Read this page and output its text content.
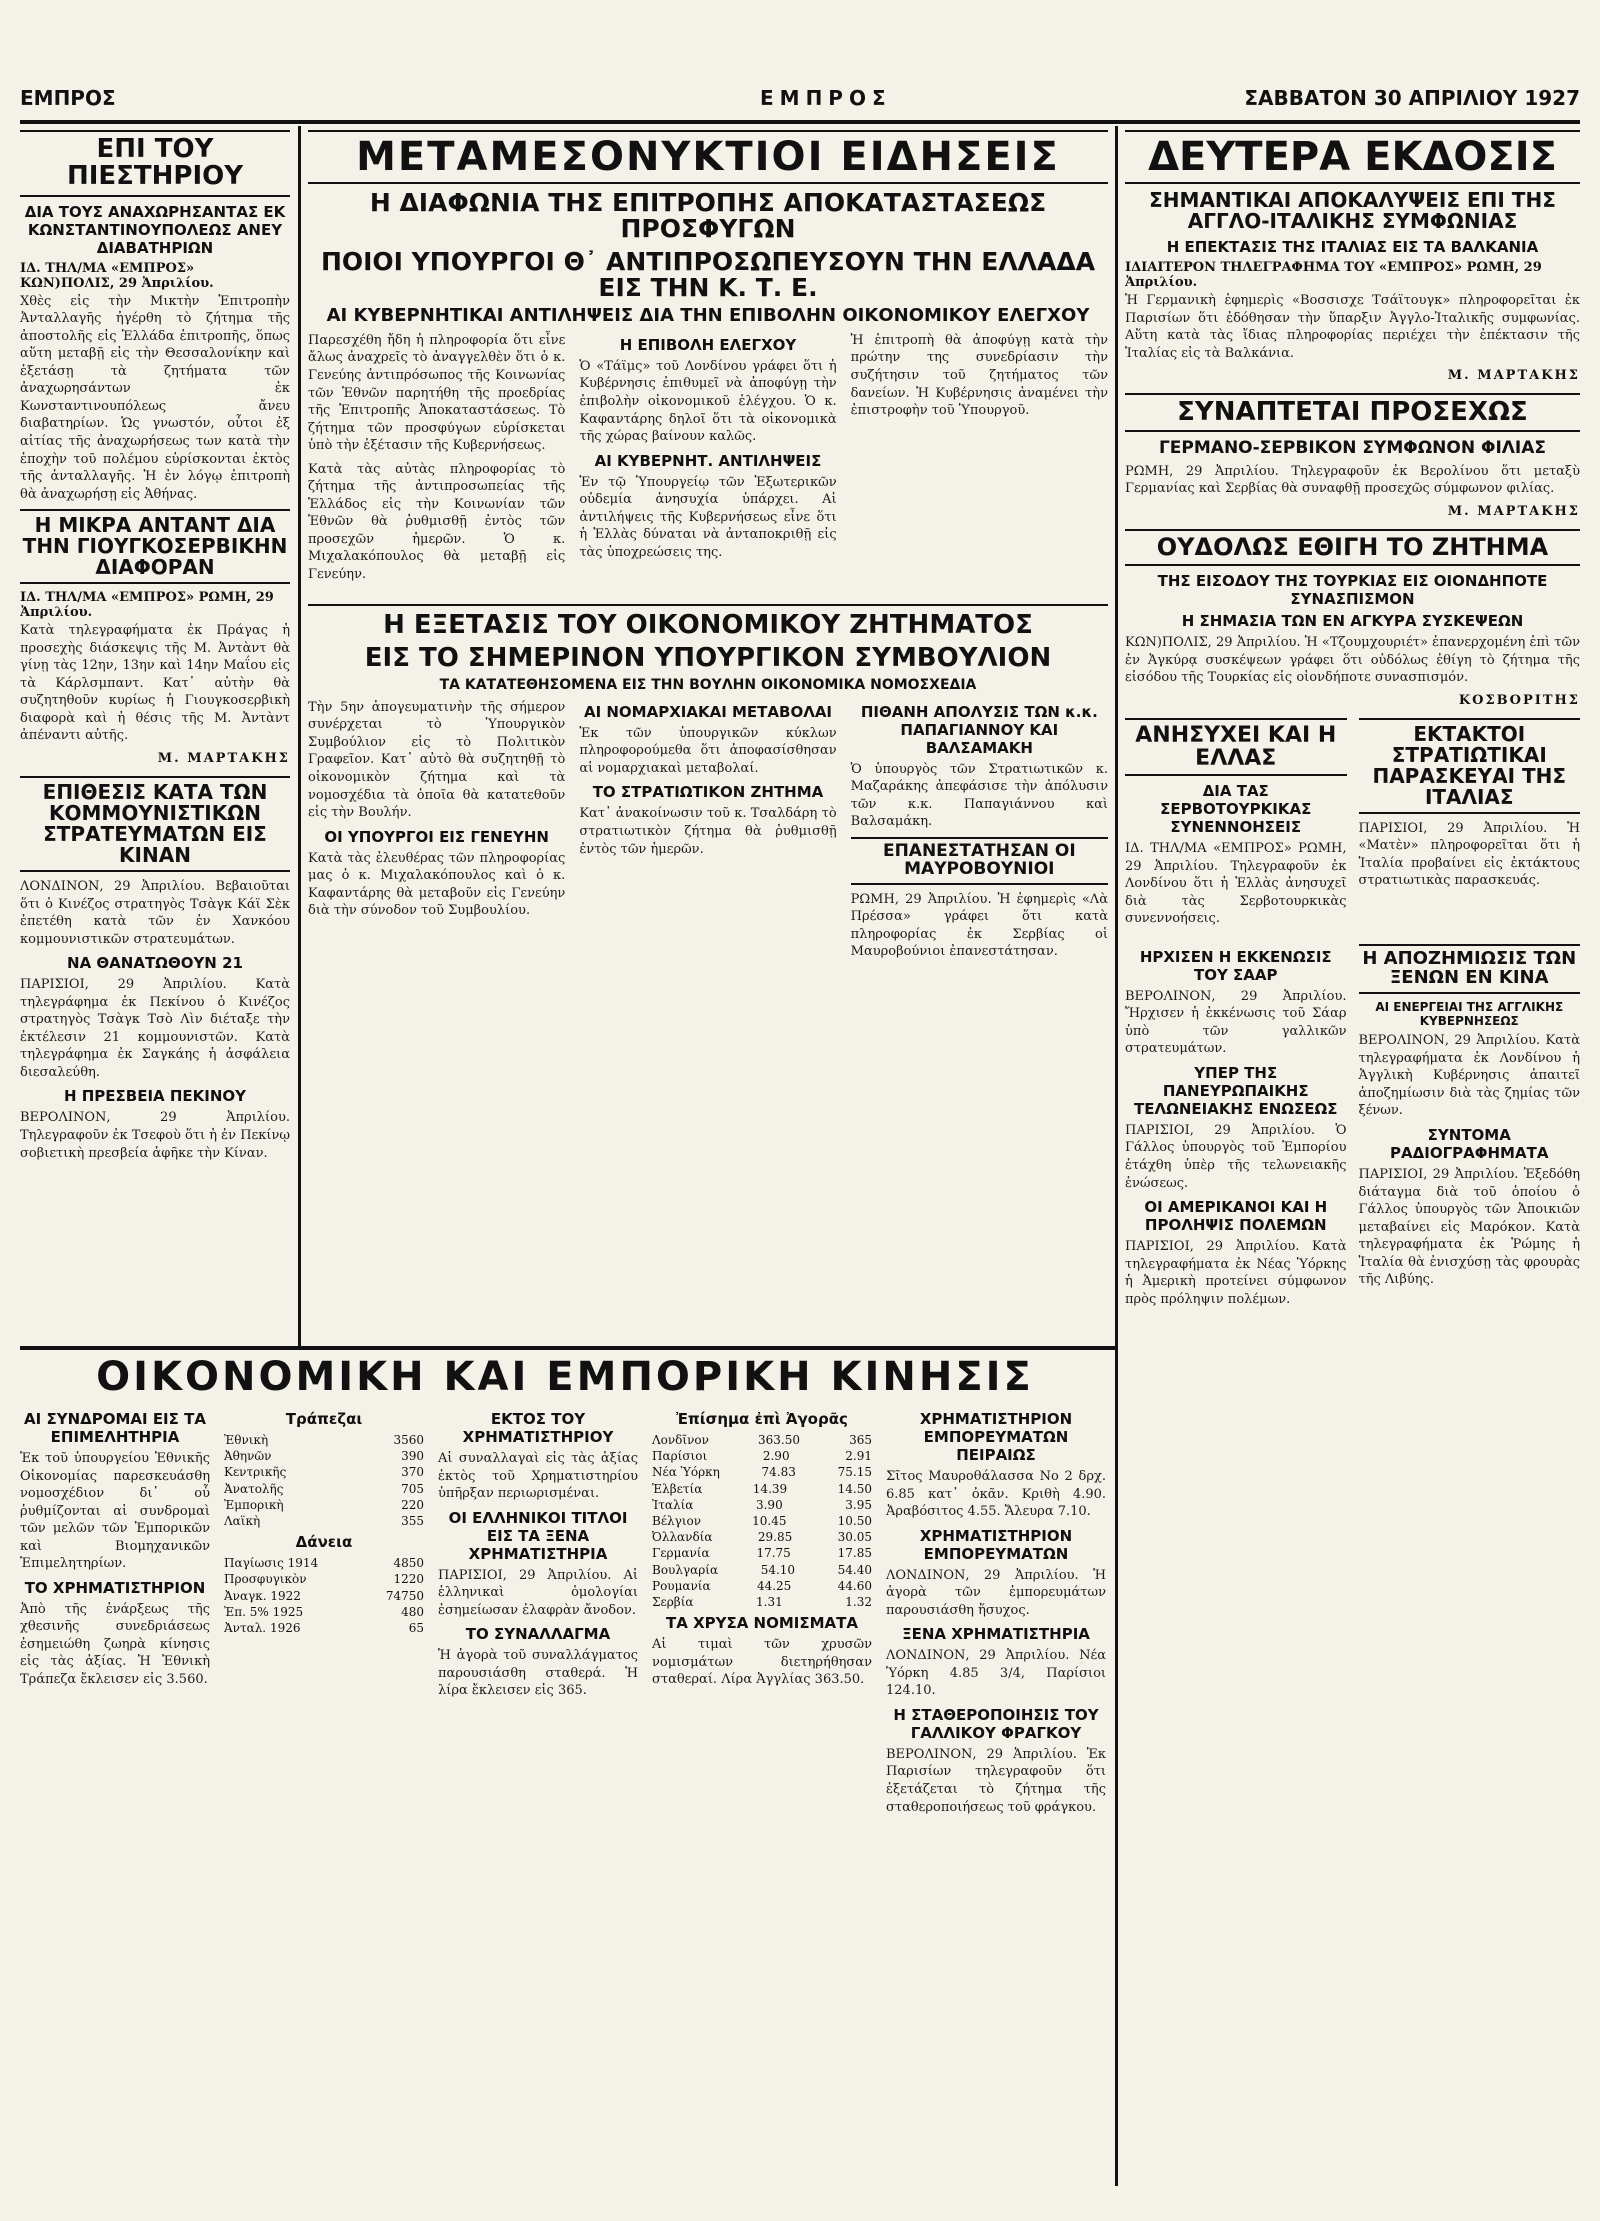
ΕΜΠΡΟΣ	ΕΜΠΡΟΣ	ΣΑΒΒΑΤΟΝ 30 ΑΠΡΙΛΙΟΥ 1927
ΕΠΙ ΤΟΥ ΠΙΕΣΤΗΡΙΟΥ
ΔΙΑ ΤΟΥΣ ΑΝΑΧΩΡΗΣΑΝΤΑΣ ΕΚ ΚΩΝΣΤΑΝΤΙΝΟΥΠΟΛΕΩΣ ΑΝΕΥ ΔΙΑΒΑΤΗΡΙΩΝ
ΙΔ. ΤΗΛ/ΜΑ «ΕΜΠΡΟΣ» ΚΩΝ)ΠΟΛΙΣ, 29 Ἀπριλίου.

Χθὲς εἰς τὴν Μικτὴν Ἐπιτροπὴν Ἀνταλλαγῆς ἠγέρθη τὸ ζήτημα τῆς ἀποστολῆς εἰς Ἑλλάδα ἐπιτροπῆς, ὅπως αὕτη μεταβῇ εἰς τὴν Θεσσαλονίκην καὶ ἐξετάσῃ τὰ ζητήματα τῶν ἀναχωρησάντων ἐκ Κωνσταντινουπόλεως ἄνευ διαβατηρίων. Ὡς γνωστόν, οὗτοι ἐξ αἰτίας τῆς ἀναχωρήσεως των κατὰ τὴν ἐποχὴν τοῦ πολέμου εὑρίσκονται ἐκτὸς τῆς ἀνταλλαγῆς. Ἡ ἐν λόγῳ ἐπιτροπὴ θὰ ἀναχωρήσῃ εἰς Ἀθήνας.

Η ΜΙΚΡΑ ΑΝΤΑΝΤ ΔΙΑ ΤΗΝ ΓΙΟΥΓΚΟΣΕΡΒΙΚΗΝ ΔΙΑΦΟΡΑΝ
ΙΔ. ΤΗΛ/ΜΑ «ΕΜΠΡΟΣ» ΡΩΜΗ, 29 Ἀπριλίου.

Κατὰ τηλεγραφήματα ἐκ Πράγας ἡ προσεχὴς διάσκεψις τῆς Μ. Ἀντὰντ θὰ γίνῃ τὰς 12ην, 13ην καὶ 14ην Μαΐου εἰς τὰ Κάρλσμπαντ. Κατ᾽ αὐτὴν θὰ συζητηθοῦν κυρίως ἡ Γιουγκοσερβικὴ διαφορὰ καὶ ἡ θέσις τῆς Μ. Ἀντὰντ ἀπέναντι αὐτῆς.

Μ. ΜΑΡΤΑΚΗΣ
ΕΠΙΘΕΣΙΣ ΚΑΤΑ ΤΩΝ ΚΟΜΜΟΥΝΙΣΤΙΚΩΝ ΣΤΡΑΤΕΥΜΑΤΩΝ ΕΙΣ ΚΙΝΑΝ

ΛΟΝΔΙΝΟΝ, 29 Ἀπριλίου. Βεβαιοῦται ὅτι ὁ Κινέζος στρατηγὸς Τσὰγκ Κάϊ Σὲκ ἐπετέθη κατὰ τῶν ἐν Χανκόου κομμουνιστικῶν στρατευμάτων.

ΝΑ ΘΑΝΑΤΩΘΟΥΝ 21

ΠΑΡΙΣΙΟΙ, 29 Ἀπριλίου. Κατὰ τηλεγράφημα ἐκ Πεκίνου ὁ Κινέζος στρατηγὸς Τσὰγκ Τσὸ Λὶν διέταξε τὴν ἐκτέλεσιν 21 κομμουνιστῶν. Κατὰ τηλεγράφημα ἐκ Σαγκάης ἡ ἀσφάλεια διεσαλεύθη.

Η ΠΡΕΣΒΕΙΑ ΠΕΚΙΝΟΥ

ΒΕΡΟΛΙΝΟΝ, 29 Ἀπριλίου. Τηλεγραφοῦν ἐκ Τσεφοὺ ὅτι ἡ ἐν Πεκίνῳ σοβιετικὴ πρεσβεία ἀφῆκε τὴν Κίναν.

ΜΕΤΑΜΕΣΟΝΥΚΤΙΟΙ ΕΙΔΗΣΕΙΣ
Η ΔΙΑΦΩΝΙΑ ΤΗΣ ΕΠΙΤΡΟΠΗΣ ΑΠΟΚΑΤΑΣΤΑΣΕΩΣ ΠΡΟΣΦΥΓΩΝ
ΠΟΙΟΙ ΥΠΟΥΡΓΟΙ Θ᾽ ΑΝΤΙΠΡΟΣΩΠΕΥΣΟΥΝ ΤΗΝ ΕΛΛΑΔΑ ΕΙΣ ΤΗΝ Κ. Τ. Ε.
ΑΙ ΚΥΒΕΡΝΗΤΙΚΑΙ ΑΝΤΙΛΗΨΕΙΣ ΔΙΑ ΤΗΝ ΕΠΙΒΟΛΗΝ ΟΙΚΟΝΟΜΙΚΟΥ ΕΛΕΓΧΟΥ

Παρεσχέθη ἤδη ἡ πληροφορία ὅτι εἶνε ἄλως ἀναχρεῖς τὸ ἀναγγελθὲν ὅτι ὁ κ. Γενεύης ἀντιπρόσωπος τῆς Κοινωνίας τῶν Ἐθνῶν παρητήθη τῆς προεδρίας τῆς Ἐπιτροπῆς Ἀποκαταστάσεως. Τὸ ζήτημα τῶν προσφύγων εὑρίσκεται ὑπὸ τὴν ἐξέτασιν τῆς Κυβερνήσεως.

Κατὰ τὰς αὐτὰς πληροφορίας τὸ ζήτημα τῆς ἀντιπροσωπείας τῆς Ἑλλάδος εἰς τὴν Κοινωνίαν τῶν Ἐθνῶν θὰ ῥυθμισθῇ ἐντὸς τῶν προσεχῶν ἡμερῶν. Ὁ κ. Μιχαλακόπουλος θὰ μεταβῇ εἰς Γενεύην.

Η ΕΠΙΒΟΛΗ ΕΛΕΓΧΟΥ

Ὁ «Τάϊμς» τοῦ Λονδίνου γράφει ὅτι ἡ Κυβέρνησις ἐπιθυμεῖ νὰ ἀποφύγῃ τὴν ἐπιβολὴν οἰκονομικοῦ ἐλέγχου. Ὁ κ. Καφαντάρης δηλοῖ ὅτι τὰ οἰκονομικὰ τῆς χώρας βαίνουν καλῶς.

ΑΙ ΚΥΒΕΡΝΗΤ. ΑΝΤΙΛΗΨΕΙΣ

Ἐν τῷ Ὑπουργείῳ τῶν Ἐξωτερικῶν οὐδεμία ἀνησυχία ὑπάρχει. Αἱ ἀντιλήψεις τῆς Κυβερνήσεως εἶνε ὅτι ἡ Ἑλλὰς δύναται νὰ ἀνταποκριθῇ εἰς τὰς ὑποχρεώσεις της.

Ἡ ἐπιτροπὴ θὰ ἀποφύγῃ κατὰ τὴν πρώτην της συνεδρίασιν τὴν συζήτησιν τοῦ ζητήματος τῶν δανείων. Ἡ Κυβέρνησις ἀναμένει τὴν ἐπιστροφὴν τοῦ Ὑπουργοῦ.

Η ΕΞΕΤΑΣΙΣ ΤΟΥ ΟΙΚΟΝΟΜΙΚΟΥ ΖΗΤΗΜΑΤΟΣ
ΕΙΣ ΤΟ ΣΗΜΕΡΙΝΟΝ ΥΠΟΥΡΓΙΚΟΝ ΣΥΜΒΟΥΛΙΟΝ
ΤΑ ΚΑΤΑΤΕΘΗΣΟΜΕΝΑ ΕΙΣ ΤΗΝ ΒΟΥΛΗΝ ΟΙΚΟΝΟΜΙΚΑ ΝΟΜΟΣΧΕΔΙΑ

Τὴν 5ην ἀπογευματινὴν τῆς σήμερον συνέρχεται τὸ Ὑπουργικὸν Συμβούλιον εἰς τὸ Πολιτικὸν Γραφεῖον. Κατ᾽ αὐτὸ θὰ συζητηθῇ τὸ οἰκονομικὸν ζήτημα καὶ τὰ νομοσχέδια τὰ ὁποῖα θὰ κατατεθοῦν εἰς τὴν Βουλήν.

ΟΙ ΥΠΟΥΡΓΟΙ ΕΙΣ ΓΕΝΕΥΗΝ

Κατὰ τὰς ἐλευθέρας τῶν πληροφορίας μας ὁ κ. Μιχαλακόπουλος καὶ ὁ κ. Καφαντάρης θὰ μεταβοῦν εἰς Γενεύην διὰ τὴν σύνοδον τοῦ Συμβουλίου.

ΑΙ ΝΟΜΑΡΧΙΑΚΑΙ ΜΕΤΑΒΟΛΑΙ

Ἐκ τῶν ὑπουργικῶν κύκλων πληροφορούμεθα ὅτι ἀποφασίσθησαν αἱ νομαρχιακαὶ μεταβολαί.

ΤΟ ΣΤΡΑΤΙΩΤΙΚΟΝ ΖΗΤΗΜΑ

Κατ᾽ ἀνακοίνωσιν τοῦ κ. Τσαλδάρη τὸ στρατιωτικὸν ζήτημα θὰ ῥυθμισθῇ ἐντὸς τῶν ἡμερῶν.

ΠΙΘΑΝΗ ΑΠΟΛΥΣΙΣ ΤΩΝ κ.κ. ΠΑΠΑΓΙΑΝΝΟΥ ΚΑΙ ΒΑΛΣΑΜΑΚΗ

Ὁ ὑπουργὸς τῶν Στρατιωτικῶν κ. Μαζαράκης ἀπεφάσισε τὴν ἀπόλυσιν τῶν κ.κ. Παπαγιάννου καὶ Βαλσαμάκη.

ΕΠΑΝΕΣΤΑΤΗΣΑΝ ΟΙ ΜΑΥΡΟΒΟΥΝΙΟΙ

ΡΩΜΗ, 29 Ἀπριλίου. Ἡ ἐφημερὶς «Λὰ Πρέσσα» γράφει ὅτι κατὰ πληροφορίας ἐκ Σερβίας οἱ Μαυροβούνιοι ἐπανεστάτησαν.

ΔΕΥΤΕΡΑ ΕΚΔΟΣΙΣ
ΣΗΜΑΝΤΙΚΑΙ ΑΠΟΚΑΛΥΨΕΙΣ ΕΠΙ ΤΗΣ ΑΓΓΛΟ-ΙΤΑΛΙΚΗΣ ΣΥΜΦΩΝΙΑΣ
Η ΕΠΕΚΤΑΣΙΣ ΤΗΣ ΙΤΑΛΙΑΣ ΕΙΣ ΤΑ ΒΑΛΚΑΝΙΑ
ΙΔΙΑΙΤΕΡΟΝ ΤΗΛΕΓΡΑΦΗΜΑ ΤΟΥ «ΕΜΠΡΟΣ» ΡΩΜΗ, 29 Ἀπριλίου.

Ἡ Γερμανικὴ ἐφημερὶς «Βοσσισχε Τσάϊτουγκ» πληροφορεῖται ἐκ Παρισίων ὅτι ἐδόθησαν τὴν ὕπαρξιν Ἀγγλο-Ἰταλικῆς συμφωνίας. Αὕτη κατὰ τὰς ἴδιας πληροφορίας περιέχει τὴν ἐπέκτασιν τῆς Ἰταλίας εἰς τὰ Βαλκάνια.

Μ. ΜΑΡΤΑΚΗΣ
ΣΥΝΑΠΤΕΤΑΙ ΠΡΟΣΕΧΩΣ
ΓΕΡΜΑΝΟ-ΣΕΡΒΙΚΟΝ ΣΥΜΦΩΝΟΝ ΦΙΛΙΑΣ

ΡΩΜΗ, 29 Ἀπριλίου. Τηλεγραφοῦν ἐκ Βερολίνου ὅτι μεταξὺ Γερμανίας καὶ Σερβίας θὰ συναφθῇ προσεχῶς σύμφωνον φιλίας.

Μ. ΜΑΡΤΑΚΗΣ
ΟΥΔΟΛΩΣ ΕΘΙΓΗ ΤΟ ΖΗΤΗΜΑ
ΤΗΣ ΕΙΣΟΔΟΥ ΤΗΣ ΤΟΥΡΚΙΑΣ ΕΙΣ ΟΙΟΝΔΗΠΟΤΕ ΣΥΝΑΣΠΙΣΜΟΝ
Η ΣΗΜΑΣΙΑ ΤΩΝ ΕΝ ΑΓΚΥΡΑ ΣΥΣΚΕΨΕΩΝ

ΚΩΝ)ΠΟΛΙΣ, 29 Ἀπριλίου. Ἡ «Τζουμχουριέτ» ἐπανερχομένη ἐπὶ τῶν ἐν Ἀγκύρᾳ συσκέψεων γράφει ὅτι οὐδόλως ἐθίγη τὸ ζήτημα τῆς εἰσόδου τῆς Τουρκίας εἰς οἱονδήποτε συνασπισμόν.

ΚΟΣΒΟΡΙΤΗΣ
ΑΝΗΣΥΧΕΙ ΚΑΙ Η ΕΛΛΑΣ
ΔΙΑ ΤΑΣ ΣΕΡΒΟΤΟΥΡΚΙΚΑΣ ΣΥΝΕΝΝΟΗΣΕΙΣ

ΙΔ. ΤΗΛ/ΜΑ «ΕΜΠΡΟΣ» ΡΩΜΗ, 29 Ἀπριλίου. Τηλεγραφοῦν ἐκ Λονδίνου ὅτι ἡ Ἑλλὰς ἀνησυχεῖ διὰ τὰς Σερβοτουρκικὰς συνεννοήσεις.

ΕΚΤΑΚΤΟΙ ΣΤΡΑΤΙΩΤΙΚΑΙ ΠΑΡΑΣΚΕΥΑΙ ΤΗΣ ΙΤΑΛΙΑΣ

ΠΑΡΙΣΙΟΙ, 29 Ἀπριλίου. Ἡ «Ματὲν» πληροφορεῖται ὅτι ἡ Ἰταλία προβαίνει εἰς ἐκτάκτους στρατιωτικὰς παρασκευάς.

ΗΡΧΙΣΕΝ Η ΕΚΚΕΝΩΣΙΣ ΤΟΥ ΣΑΑΡ

ΒΕΡΟΛΙΝΟΝ, 29 Ἀπριλίου. Ἤρχισεν ἡ ἐκκένωσις τοῦ Σάαρ ὑπὸ τῶν γαλλικῶν στρατευμάτων.

ΥΠΕΡ ΤΗΣ ΠΑΝΕΥΡΩΠΑΙΚΗΣ ΤΕΛΩΝΕΙΑΚΗΣ ΕΝΩΣΕΩΣ

ΠΑΡΙΣΙΟΙ, 29 Ἀπριλίου. Ὁ Γάλλος ὑπουργὸς τοῦ Ἐμπορίου ἐτάχθη ὑπὲρ τῆς τελωνειακῆς ἑνώσεως.

ΟΙ ΑΜΕΡΙΚΑΝΟΙ ΚΑΙ Η ΠΡΟΛΗΨΙΣ ΠΟΛΕΜΩΝ

ΠΑΡΙΣΙΟΙ, 29 Ἀπριλίου. Κατὰ τηλεγραφήματα ἐκ Νέας Ὑόρκης ἡ Ἀμερικὴ προτείνει σύμφωνον πρὸς πρόληψιν πολέμων.

Η ΑΠΟΖΗΜΙΩΣΙΣ ΤΩΝ ΞΕΝΩΝ ΕΝ ΚΙΝΑ
ΑΙ ΕΝΕΡΓΕΙΑΙ ΤΗΣ ΑΓΓΛΙΚΗΣ ΚΥΒΕΡΝΗΣΕΩΣ

ΒΕΡΟΛΙΝΟΝ, 29 Ἀπριλίου. Κατὰ τηλεγραφήματα ἐκ Λονδίνου ἡ Ἀγγλικὴ Κυβέρνησις ἀπαιτεῖ ἀποζημίωσιν διὰ τὰς ζημίας τῶν ξένων.

ΣΥΝΤΟΜΑ ΡΑΔΙΟΓΡΑΦΗΜΑΤΑ

ΠΑΡΙΣΙΟΙ, 29 Ἀπριλίου. Ἐξεδόθη διάταγμα διὰ τοῦ ὁποίου ὁ Γάλλος ὑπουργὸς τῶν Ἀποικιῶν μεταβαίνει εἰς Μαρόκον. Κατὰ τηλεγραφήματα ἐκ Ῥώμης ἡ Ἰταλία θὰ ἐνισχύσῃ τὰς φρουρὰς τῆς Λιβύης.

ΟΙΚΟΝΟΜΙΚΗ ΚΑΙ ΕΜΠΟΡΙΚΗ ΚΙΝΗΣΙΣ
ΑΙ ΣΥΝΔΡΟΜΑΙ ΕΙΣ ΤΑ ΕΠΙΜΕΛΗΤΗΡΙΑ

Ἐκ τοῦ ὑπουργείου Ἐθνικῆς Οἰκονομίας παρεσκευάσθη νομοσχέδιον δι᾽ οὗ ῥυθμίζονται αἱ συνδρομαὶ τῶν μελῶν τῶν Ἐμπορικῶν καὶ Βιομηχανικῶν Ἐπιμελητηρίων.

ΤΟ ΧΡΗΜΑΤΙΣΤΗΡΙΟΝ

Ἀπὸ τῆς ἐνάρξεως τῆς χθεσινῆς συνεδριάσεως ἐσημειώθη ζωηρὰ κίνησις εἰς τὰς ἀξίας. Ἡ Ἐθνικὴ Τράπεζα ἔκλεισεν εἰς 3.560.

Τράπεζαι
Ἐθνικὴ	3560
Ἀθηνῶν	390
Κεντρικῆς	370
Ἀνατολῆς	705
Ἐμπορικὴ	220
Λαϊκὴ	355
Δάνεια
Παγίωσις 1914	4850
Προσφυγικὸν	1220
Ἀναγκ. 1922	74750
Ἐπ. 5% 1925	480
Ἀνταλ. 1926	65
ΕΚΤΟΣ ΤΟΥ ΧΡΗΜΑΤΙΣΤΗΡΙΟΥ

Αἱ συναλλαγαὶ εἰς τὰς ἀξίας ἐκτὸς τοῦ Χρηματιστηρίου ὑπῆρξαν περιωρισμέναι.

ΟΙ ΕΛΛΗΝΙΚΟΙ ΤΙΤΛΟΙ ΕΙΣ ΤΑ ΞΕΝΑ ΧΡΗΜΑΤΙΣΤΗΡΙΑ

ΠΑΡΙΣΙΟΙ, 29 Ἀπριλίου. Αἱ ἑλληνικαὶ ὁμολογίαι ἐσημείωσαν ἐλαφρὰν ἄνοδον.

ΤΟ ΣΥΝΑΛΛΑΓΜΑ

Ἡ ἀγορὰ τοῦ συναλλάγματος παρουσιάσθη σταθερά. Ἡ λίρα ἔκλεισεν εἰς 365.

Ἐπίσημα ἐπὶ Ἀγορᾶς
Λονδῖνον	363.50	365
Παρίσιοι	2.90	2.91
Νέα Ὑόρκη	74.83	75.15
Ἑλβετία	14.39	14.50
Ἰταλία	3.90	3.95
Βέλγιον	10.45	10.50
Ὀλλανδία	29.85	30.05
Γερμανία	17.75	17.85
Βουλγαρία	54.10	54.40
Ρουμανία	44.25	44.60
Σερβία	1.31	1.32
ΤΑ ΧΡΥΣΑ ΝΟΜΙΣΜΑΤΑ

Αἱ τιμαὶ τῶν χρυσῶν νομισμάτων διετηρήθησαν σταθεραί. Λίρα Ἀγγλίας 363.50.

ΧΡΗΜΑΤΙΣΤΗΡΙΟΝ ΕΜΠΟΡΕΥΜΑΤΩΝ ΠΕΙΡΑΙΩΣ

Σῖτος Μαυροθάλασσα Νο 2 δρχ. 6.85 κατ᾽ ὀκᾶν. Κριθὴ 4.90. Ἀραβόσιτος 4.55. Ἄλευρα 7.10.

ΧΡΗΜΑΤΙΣΤΗΡΙΟΝ ΕΜΠΟΡΕΥΜΑΤΩΝ

ΛΟΝΔΙΝΟΝ, 29 Ἀπριλίου. Ἡ ἀγορὰ τῶν ἐμπορευμάτων παρουσιάσθη ἥσυχος.

ΞΕΝΑ ΧΡΗΜΑΤΙΣΤΗΡΙΑ

ΛΟΝΔΙΝΟΝ, 29 Ἀπριλίου. Νέα Ὑόρκη 4.85 3/4, Παρίσιοι 124.10.

Η ΣΤΑΘΕΡΟΠΟΙΗΣΙΣ ΤΟΥ ΓΑΛΛΙΚΟΥ ΦΡΑΓΚΟΥ

ΒΕΡΟΛΙΝΟΝ, 29 Ἀπριλίου. Ἐκ Παρισίων τηλεγραφοῦν ὅτι ἐξετάζεται τὸ ζήτημα τῆς σταθεροποιήσεως τοῦ φράγκου.
